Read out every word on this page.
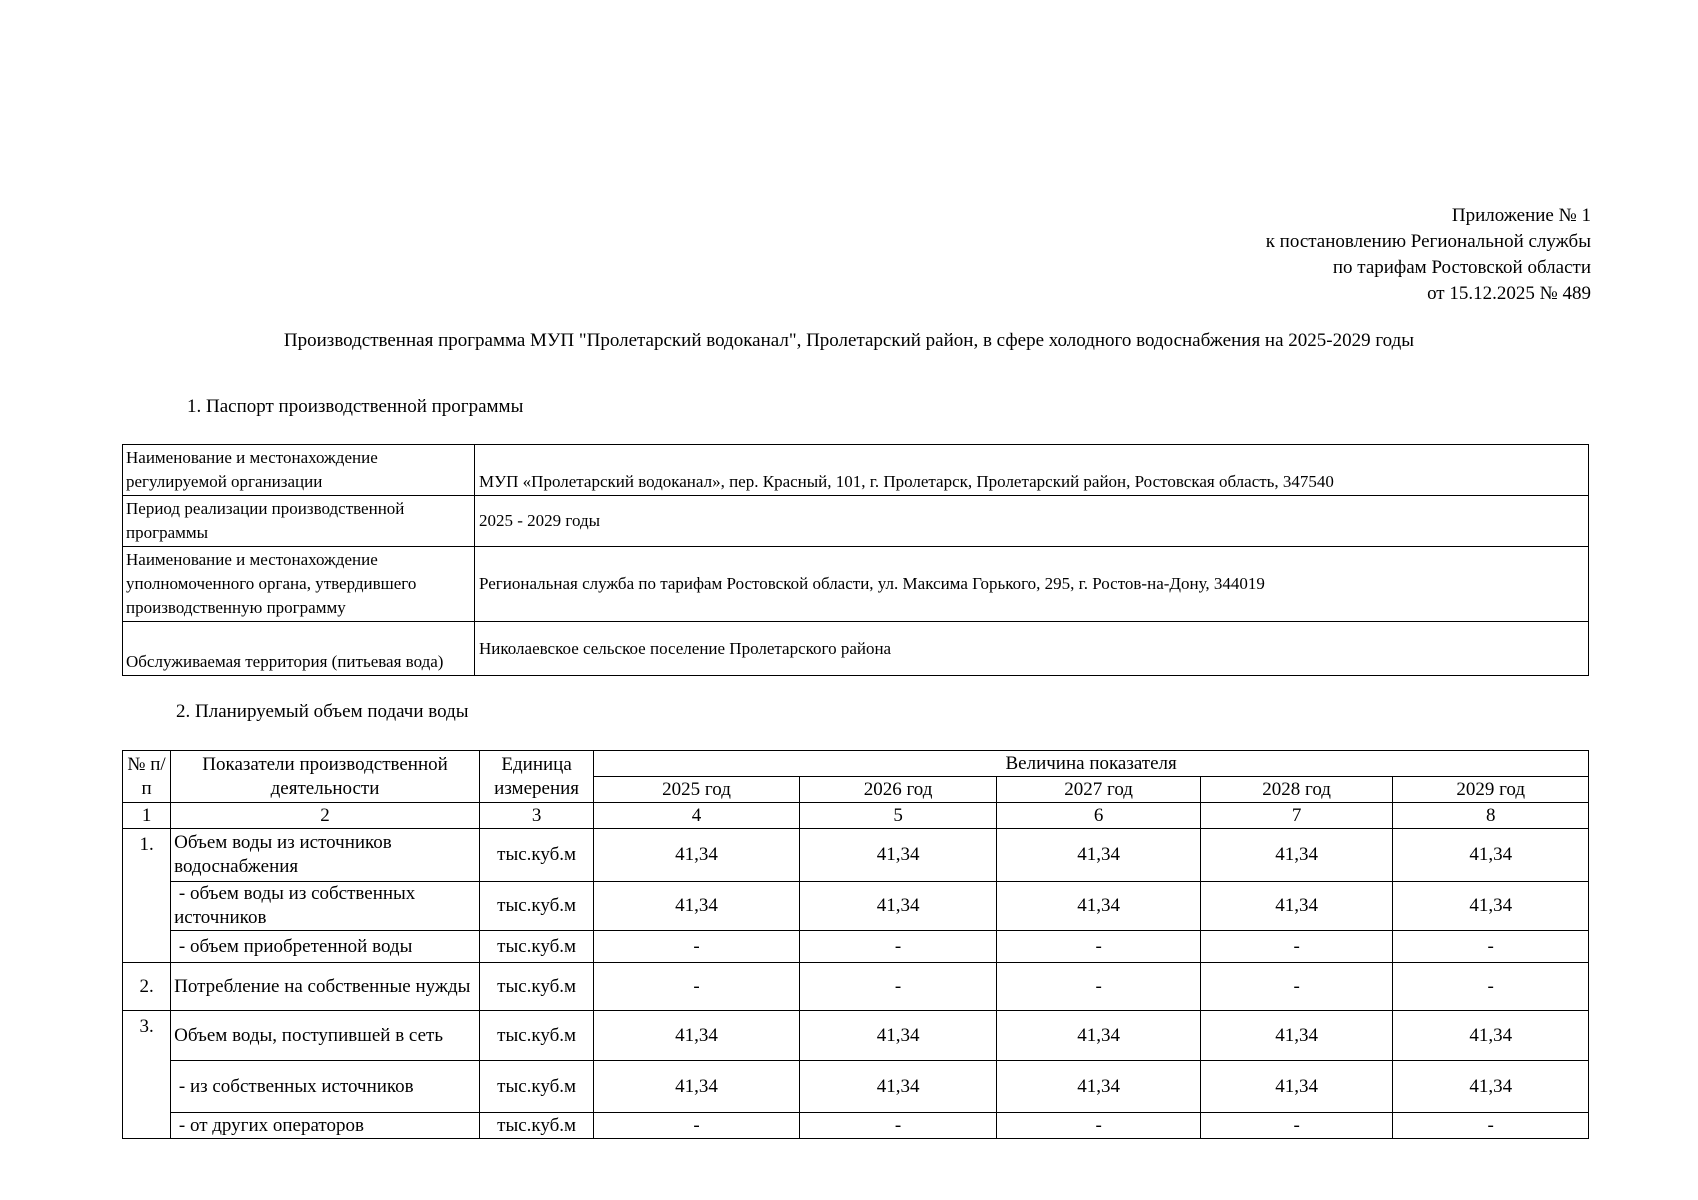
Приложение № 1
к постановлению Региональной службы
по тарифам Ростовской области
от 15.12.2025 № 489
Производственная программа МУП "Пролетарский водоканал", Пролетарский район, в сфере холодного водоснабжения на 2025-2029 годы
1. Паспорт производственной программы
Наименование и местонахождение регулируемой организации	МУП «Пролетарский водоканал», пер. Красный, 101, г. Пролетарск, Пролетарский район, Ростовская область, 347540
Период реализации производственной программы	2025 - 2029 годы
Наименование и местонахождение уполномоченного органа, утвердившего производственную программу	Региональная служба по тарифам Ростовской области, ул. Максима Горького, 295, г. Ростов-на-Дону, 344019
Обслуживаемая территория (питьевая вода)	Николаевское сельское поселение Пролетарского района
2. Планируемый объем подачи воды
№ п/п	Показатели производственной деятельности	Единица измерения	Величина показателя				
			2025 год	2026 год	2027 год	2028 год	2029 год
1	2	3	4	5	6	7	8
1.	Объем воды из источников водоснабжения	тыс.куб.м	41,34	41,34	41,34	41,34	41,34
	- объем воды из собственных источников	тыс.куб.м	41,34	41,34	41,34	41,34	41,34
	- объем приобретенной воды	тыс.куб.м	-	-	-	-	-
2.	Потребление на собственные нужды	тыс.куб.м	-	-	-	-	-
3.	Объем воды, поступившей в сеть	тыс.куб.м	41,34	41,34	41,34	41,34	41,34
	- из собственных источников	тыс.куб.м	41,34	41,34	41,34	41,34	41,34
	- от других операторов	тыс.куб.м	-	-	-	-	-
